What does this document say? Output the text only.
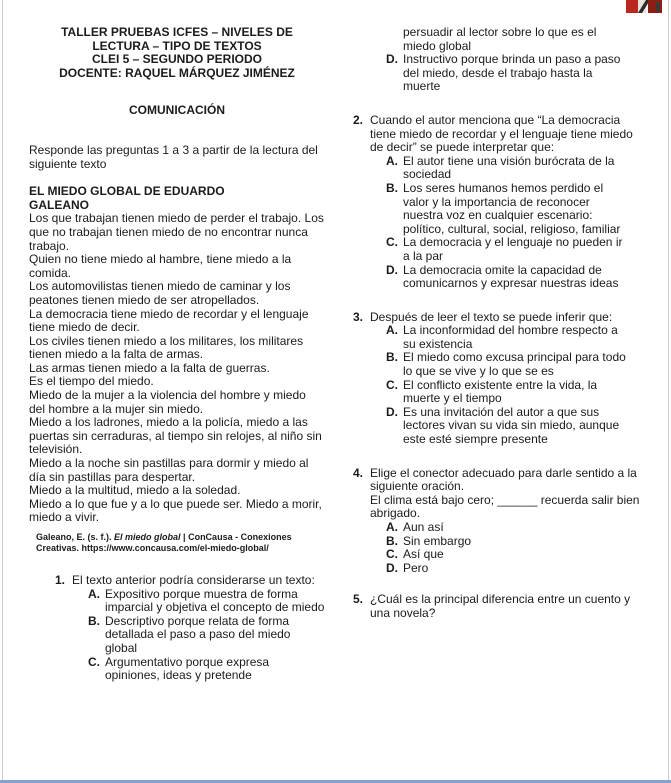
TALLER PRUEBAS ICFES – NIVELES DE
LECTURA – TIPO DE TEXTOS
CLEI 5 – SEGUNDO PERIODO
DOCENTE: RAQUEL MÁRQUEZ JIMÉNEZ
COMUNICACIÓN
Responde las preguntas 1 a 3 a partir de la lectura del siguiente texto
EL MIEDO GLOBAL DE EDUARDO
GALEANO
Los que trabajan tienen miedo de perder el trabajo. Los que no trabajan tienen miedo de no encontrar nunca trabajo.
Quien no tiene miedo al hambre, tiene miedo a la comida.
Los automovilistas tienen miedo de caminar y los peatones tienen miedo de ser atropellados.
La democracia tiene miedo de recordar y el lenguaje tiene miedo de decir.
Los civiles tienen miedo a los militares, los militares tienen miedo a la falta de armas.
Las armas tienen miedo a la falta de guerras.
Es el tiempo del miedo.
Miedo de la mujer a la violencia del hombre y miedo del hombre a la mujer sin miedo.
Miedo a los ladrones, miedo a la policía, miedo a las puertas sin cerraduras, al tiempo sin relojes, al niño sin televisión.
Miedo a la noche sin pastillas para dormir y miedo al día sin pastillas para despertar.
Miedo a la multitud, miedo a la soledad.
Miedo a lo que fue y a lo que puede ser. Miedo a morir, miedo a vivir.
Galeano, E. (s. f.). El miedo global | ConCausa - Conexiones Creativas. https://www.concausa.com/el-miedo-global/
1. El texto anterior podría considerarse un texto:
A. Expositivo porque muestra de forma imparcial y objetiva el concepto de miedo
B. Descriptivo porque relata de forma detallada el paso a paso del miedo global
C. Argumentativo porque expresa opiniones, ideas y pretende
persuadir al lector sobre lo que es el miedo global
D. Instructivo porque brinda un paso a paso del miedo, desde el trabajo hasta la muerte
2. Cuando el autor menciona que “La democracia tiene miedo de recordar y el lenguaje tiene miedo de decir” se puede interpretar que:
A. El autor tiene una visión burócrata de la sociedad
B. Los seres humanos hemos perdido el valor y la importancia de reconocer nuestra voz en cualquier escenario: político, cultural, social, religioso, familiar
C. La democracia y el lenguaje no pueden ir a la par
D. La democracia omite la capacidad de comunicarnos y expresar nuestras ideas
3. Después de leer el texto se puede inferir que:
A. La inconformidad del hombre respecto a su existencia
B. El miedo como excusa principal para todo lo que se vive y lo que se es
C. El conflicto existente entre la vida, la muerte y el tiempo
D. Es una invitación del autor a que sus lectores vivan su vida sin miedo, aunque este esté siempre presente
4. Elige el conector adecuado para darle sentido a la siguiente oración.
El clima está bajo cero; ______ recuerda salir bien abrigado.
A. Aun así
B. Sin embargo
C. Así que
D. Pero
5. ¿Cuál es la principal diferencia entre un cuento y una novela?
